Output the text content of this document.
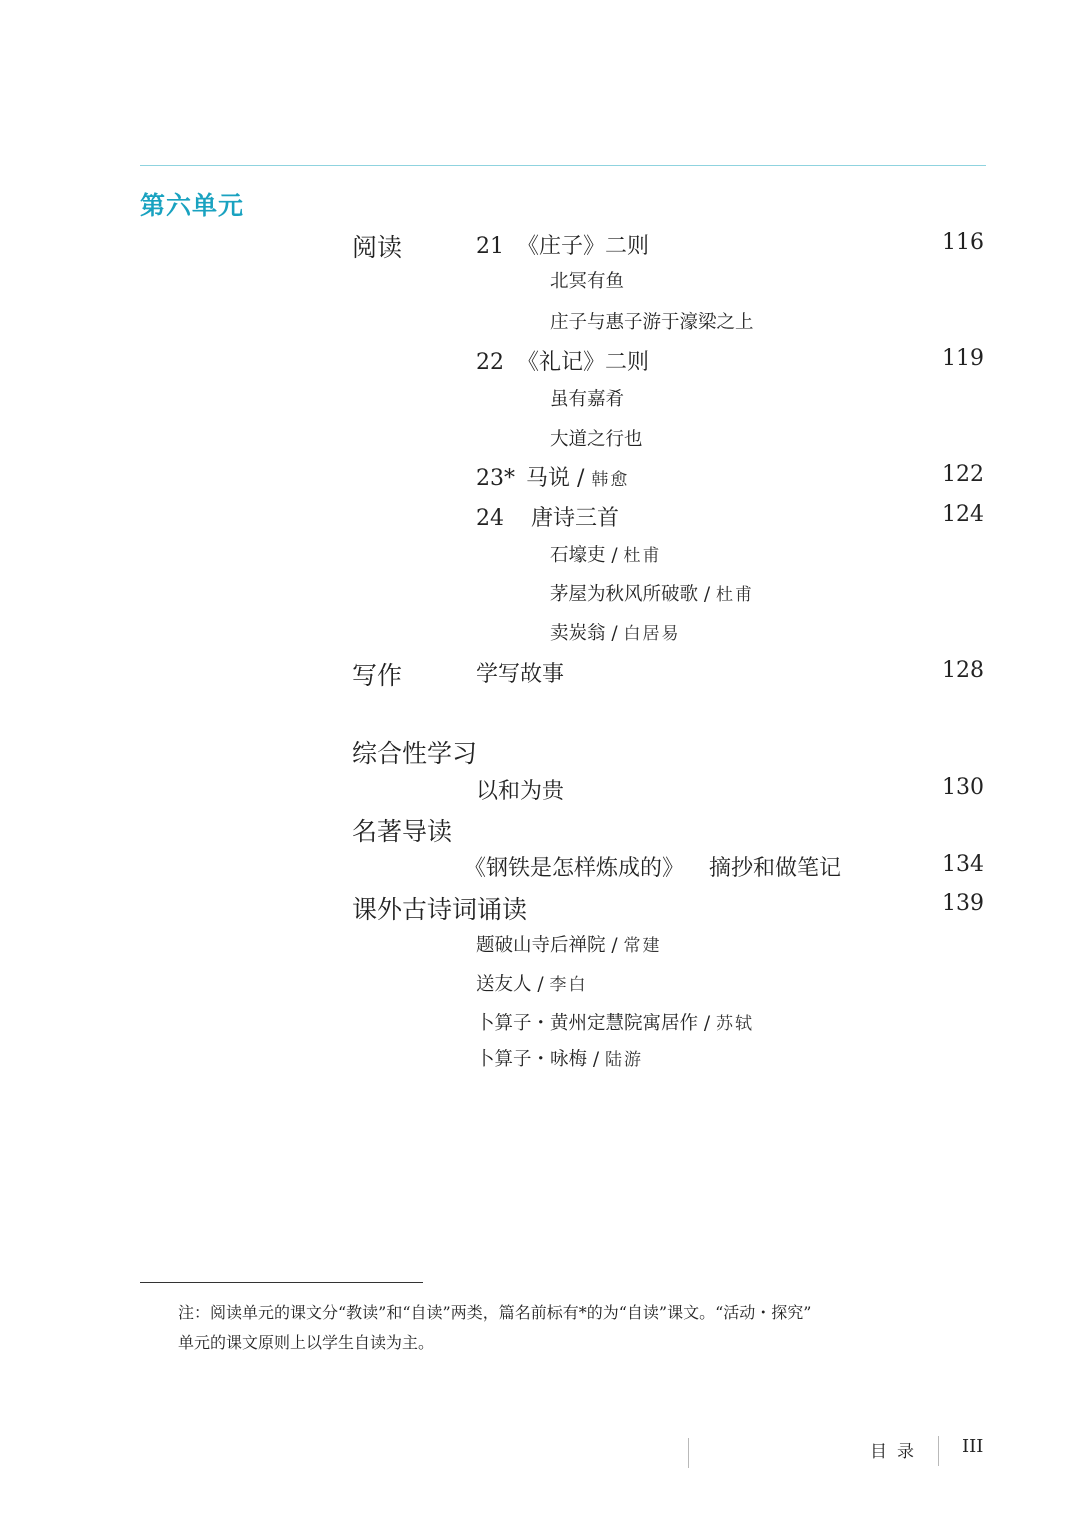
第六单元
阅读	21 《庄子》二则	116
北冥有鱼
庄子与惠子游于濠梁之上
22 《礼记》二则	119
虽有嘉肴
大道之行也
23* 马说 / 韩愈	122
24 唐诗三首	124
石壕吏 / 杜甫
茅屋为秋风所破歌 / 杜甫
卖炭翁 / 白居易
写作	学写故事	128
综合性学习
以和为贵	130
名著导读
《钢铁是怎样炼成的》 摘抄和做笔记	134
课外古诗词诵读	139
题破山寺后禅院 / 常建
送友人 / 李白
卜算子・黄州定慧院寓居作 / 苏轼
卜算子・咏梅 / 陆游
注：阅读单元的课文分“教读”和“自读”两类，篇名前标有*的为“自读”课文。“活动・探究”
单元的课文原则上以学生自读为主。
目录 III
